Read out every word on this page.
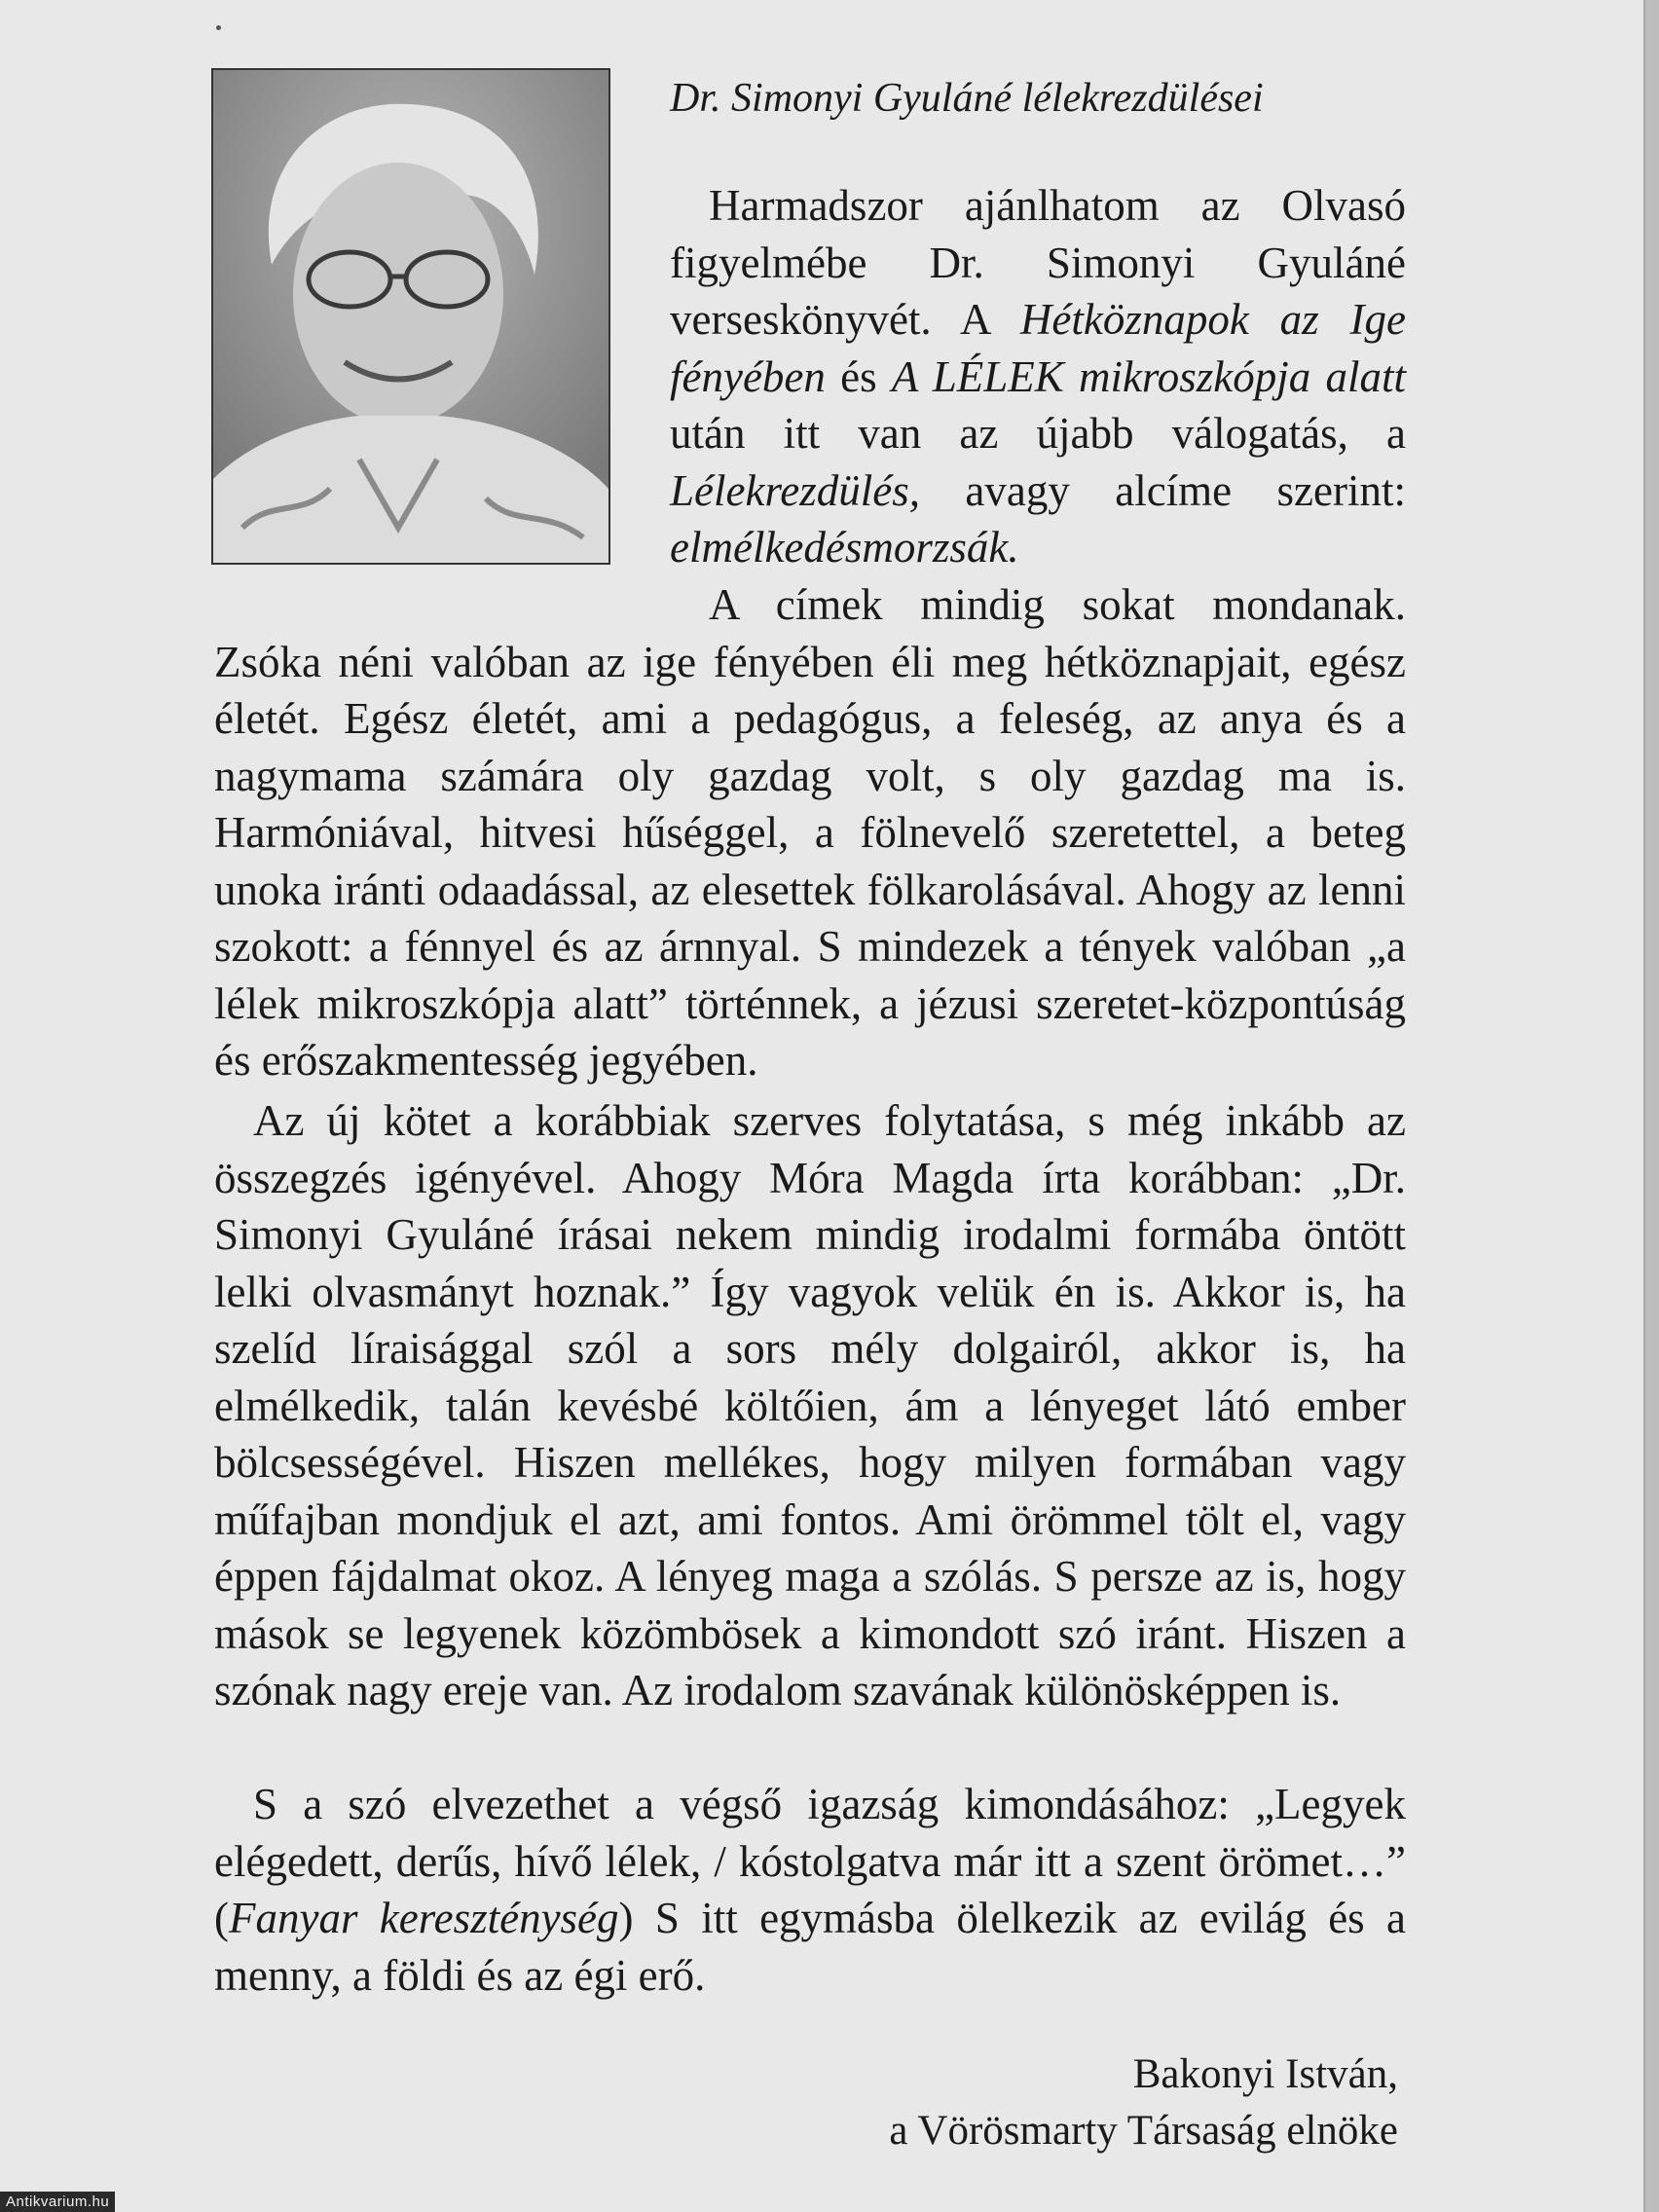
Dr. Simonyi Gyuláné lélekrezdülései

Harmadszor ajánlhatom az Olvasó figyelmébe Dr. Simonyi Gyuláné verseskönyvét. A Hétköznapok az Ige fényében és A LÉLEK mikroszkópja alatt után itt van az újabb válogatás, a Lélekrezdülés, avagy alcíme szerint: elmélkedésmorzsák.

A címek mindig sokat mondanak. Zsóka néni valóban az ige fényében éli meg hétköznapjait, egész életét. Egész életét, ami a pedagógus, a feleség, az anya és a nagymama számára oly gazdag volt, s oly gazdag ma is. Harmóniával, hitvesi hűséggel, a fölnevelő szeretettel, a beteg unoka iránti odaadással, az elesettek fölkarolásával. Ahogy az lenni szokott: a fénnyel és az árnnyal. S mindezek a tények valóban „a lélek mikroszkópja alatt” történnek, a jézusi szeretet-központúság és erőszakmentesség jegyében.

Az új kötet a korábbiak szerves folytatása, s még inkább az összegzés igényével. Ahogy Móra Magda írta korábban: „Dr. Simonyi Gyuláné írásai nekem mindig irodalmi formába öntött lelki olvasmányt hoznak.” Így vagyok velük én is. Akkor is, ha szelíd líraisággal szól a sors mély dolgairól, akkor is, ha elmélkedik, talán kevésbé költőien, ám a lényeget látó ember bölcsességével. Hiszen mellékes, hogy milyen formában vagy műfajban mondjuk el azt, ami fontos. Ami örömmel tölt el, vagy éppen fájdalmat okoz. A lényeg maga a szólás. S persze az is, hogy mások se legyenek közömbösek a kimondott szó iránt. Hiszen a szónak nagy ereje van. Az irodalom szavának különösképpen is.

S a szó elvezethet a végső igazság kimondásához: „Legyek elégedett, derűs, hívő lélek, / kóstolgatva már itt a szent örömet…” (Fanyar kereszténység) S itt egymásba ölelkezik az evilág és a menny, a földi és az égi erő.

Bakonyi István,
a Vörösmarty Társaság elnöke
Antikvarium.hu
